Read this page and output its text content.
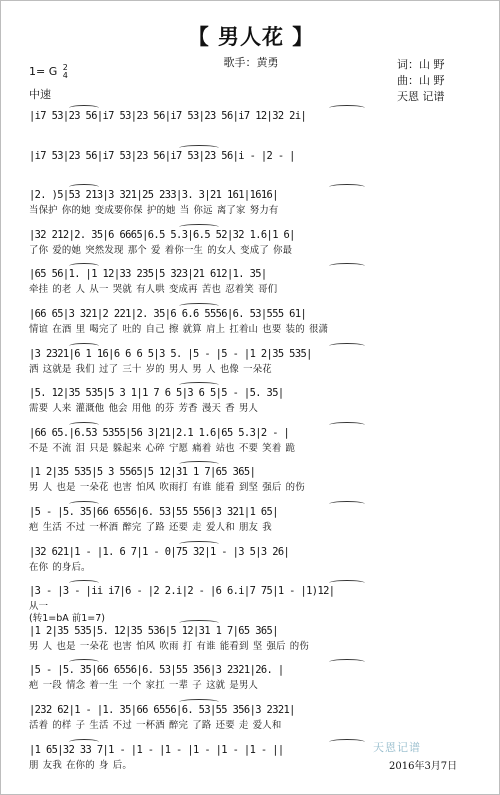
【 男人花 】
歌手：黄勇
1= G 2
4
中速
词：山 野
曲：山 野
天恩 记谱
|i7 53|23 56|i7 53|23 56|i7 53|23 56|i7 12|32 2i|
|i7 53|23 56|i7 53|23 56|i7 53|23 56|i - |2 - |
|2. )5|53 213|3 321|25 233|3. 3|21 161|1616|
当保护 你的她 变成要你保 护的她 当 你远 离了家 努力有
|32 212|2. 35|6 6665|6.5 5.3|6.5 52|32 1.6|1 6|
了你 爱的她 突然发现 那个 爱 着你一生 的女人 变成了 你最
|65 56|1. |1 12|33 235|5 323|21 612|1. 35|
牵挂 的老 人 从一 哭就 有人哄 变成再 苦也 忍着笑 哥们
|66 65|3 321|2 221|2. 35|6 6.6 5556|6. 53|555 61|
情谊 在酒 里 喝完了 吐的 自己 擦 就算 肩上 扛着山 也要 装的 很潇
|3 2321|6 1 16|6 6 6 5|3 5. |5 - |5 - |1 2|35 535|
洒 这就是 我们 过了 三十 岁的 男人 男 人 也像 一朵花
|5. 12|35 535|5 3 1|1 7 6 5|3 6 5|5 - |5. 35|
需要 人来 灌溉他 他会 用他 的芬 芳香 漫天 香 男人
|66 65.|6.53 5355|56 3|21|2.1 1.6|65 5.3|2 - |
不是 不流 泪 只是 躲起来 心碎 宁愿 痛着 站也 不要 笑着 跪
|1 2|35 535|5 3 5565|5 12|31 1 7|65 365|
男 人 也是 一朵花 也害 怕风 吹雨打 有谁 能看 到坚 强后 的伤
|5 - |5. 35|66 6556|6. 53|55 556|3 321|1 65|
疤 生活 不过 一杯酒 醉完 了路 还要 走 爱人和 朋友 我
|32 621|1 - |1. 6 7|1 - 0|75 32|1 - |3 5|3 26|
在你 的身后。
|3 - |3 - |ii i7|6 - |2 2.i|2 - |6 6.i|7 75|1 - |1)12|
从一
|1 2|35 535|5. 12|35 536|5 12|31 1 7|65 365|
男 人 也是 一朵花 也害 怕风 吹雨 打 有谁 能看到 坚 强后 的伤
|5 - |5. 35|66 6556|6. 53|55 356|3 2321|26. |
疤 一段 情念 着一生 一个 家扛 一辈 子 这就 是男人
|232 62|1 - |1. 35|66 6556|6. 53|55 356|3 2321|
活着 的样 子 生活 不过 一杯酒 醉完 了路 还要 走 爱人和
|1 65|32 33 7|1 - |1 - |1 - |1 - |1 - |1 - ||
朋 友我 在你的 身 后。
(转1=bA 前1=7)
天恩记谱
2016年3月7日
